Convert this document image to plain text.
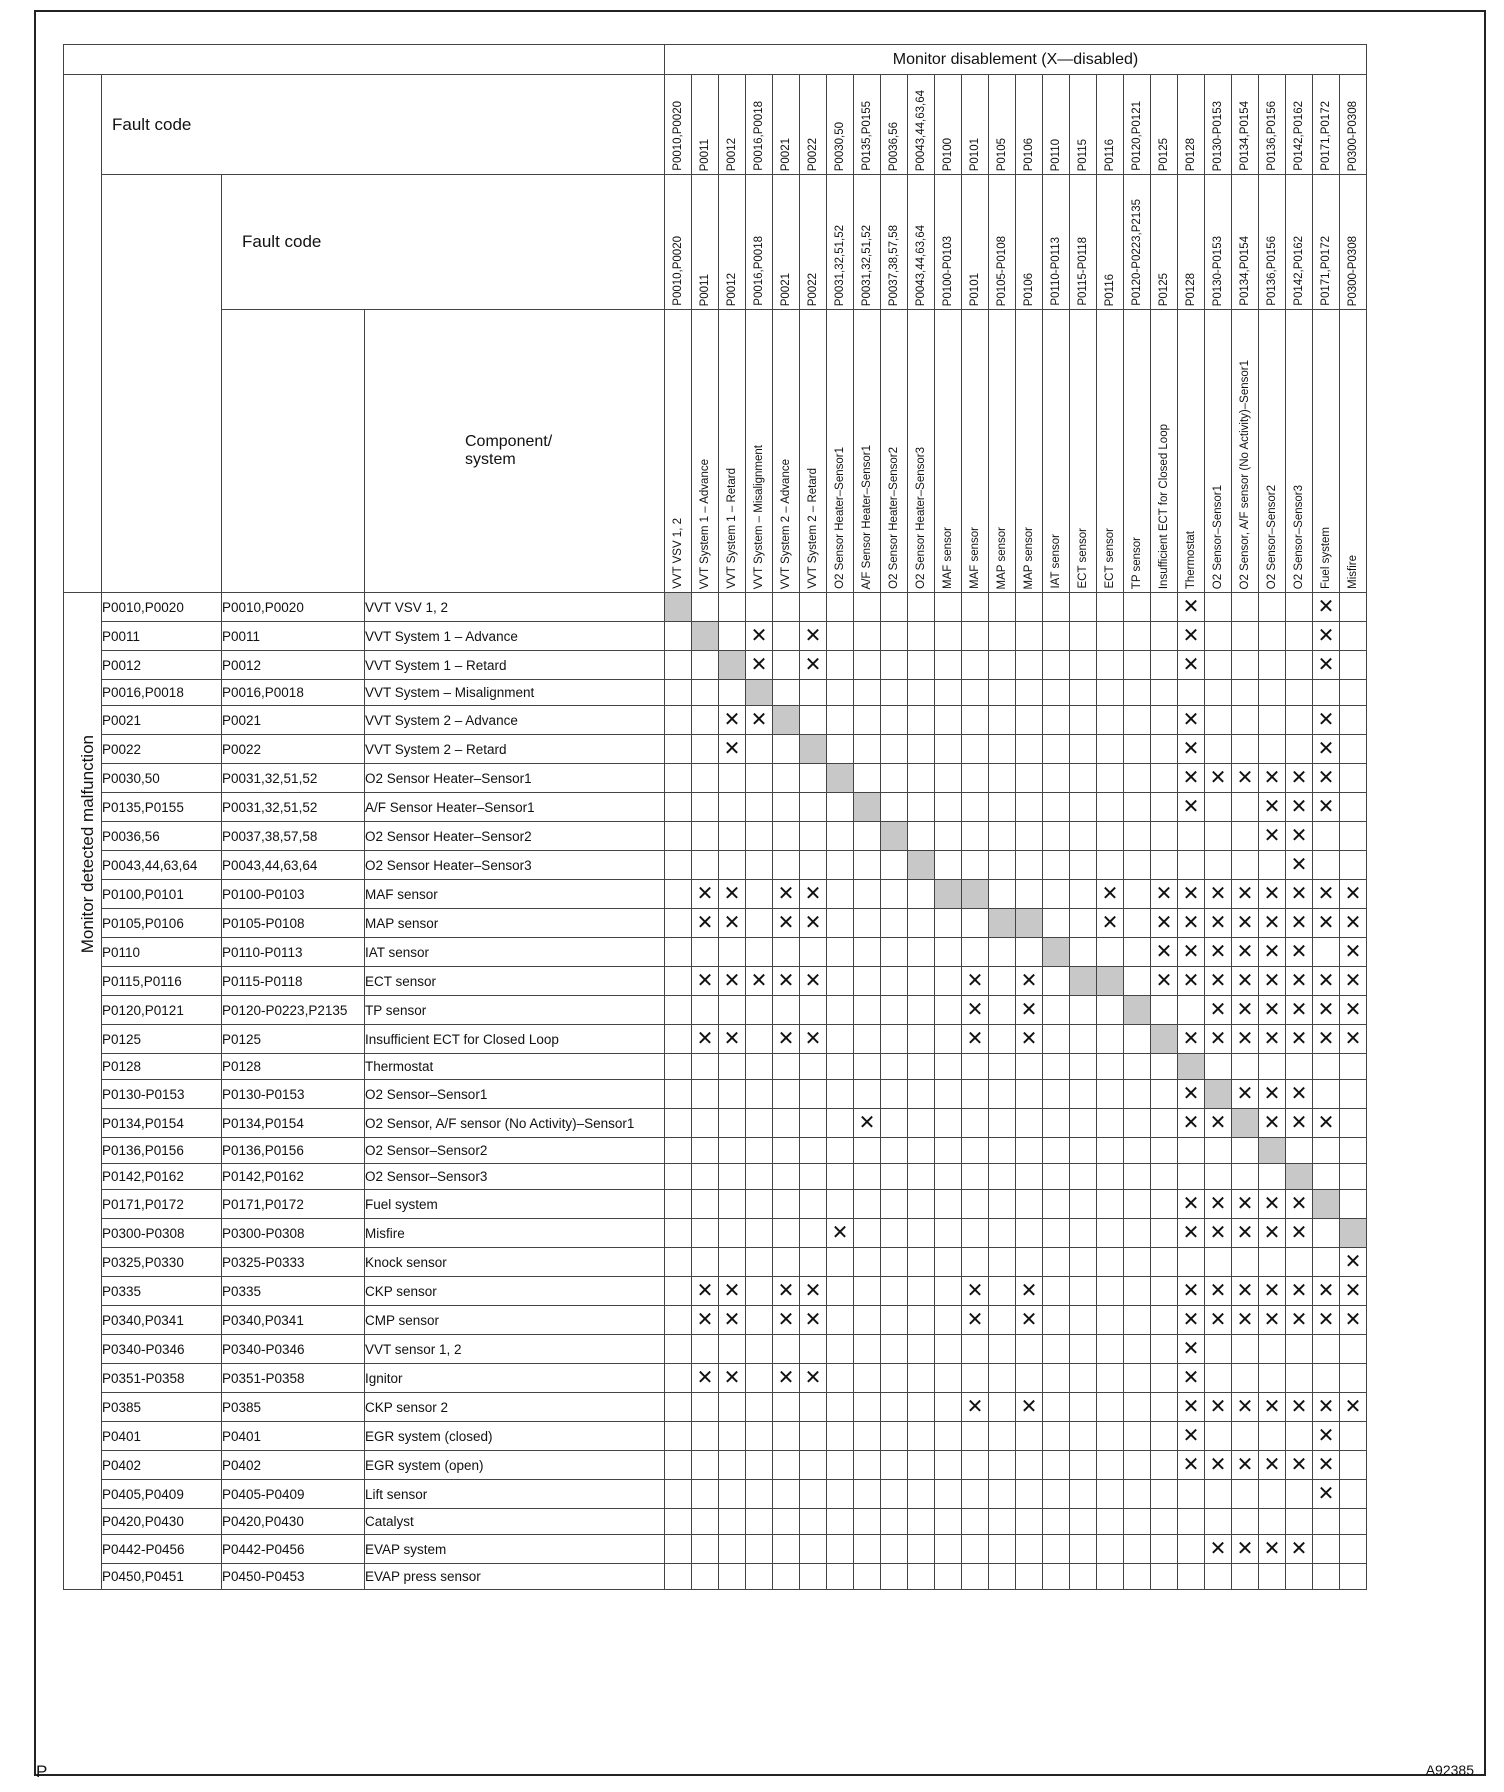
Monitor detected malfunction
				Monitor disablement (X—disabled)																									
	Fault code			P0010,P0020	P0011	P0012	P0016,P0018	P0021	P0022	P0030,50	P0135,P0155	P0036,56	P0043,44,63,64	P0100	P0101	P0105	P0106	P0110	P0115	P0116	P0120,P0121	P0125	P0128	P0130-P0153	P0134,P0154	P0136,P0156	P0142,P0162	P0171,P0172	P0300-P0308
		Fault code		P0010,P0020	P0011	P0012	P0016,P0018	P0021	P0022	P0031,32,51,52	P0031,32,51,52	P0037,38,57,58	P0043,44,63,64	P0100-P0103	P0101	P0105-P0108	P0106	P0110-P0113	P0115-P0118	P0116	P0120-P0223,P2135	P0125	P0128	P0130-P0153	P0134,P0154	P0136,P0156	P0142,P0162	P0171,P0172	P0300-P0308

			Component/
system	VVT VSV 1, 2	VVT System 1 – Advance	VVT System 1 – Retard	VVT System – Misalignment	VVT System 2 – Advance	VVT System 2 – Retard	O2 Sensor Heater–Sensor1	A/F Sensor Heater–Sensor1	O2 Sensor Heater–Sensor2	O2 Sensor Heater–Sensor3	MAF sensor	MAF sensor	MAP sensor	MAP sensor	IAT sensor	ECT sensor	ECT sensor	TP sensor	Insufficient ECT for Closed Loop	Thermostat	O2 Sensor–Sensor1	O2 Sensor, A/F sensor (No Activity)–Sensor1	O2 Sensor–Sensor2	O2 Sensor–Sensor3	Fuel system	Misfire
	P0010,P0020	P0010,P0020	VVT VSV 1, 2																				✕					✕	
	P0011	P0011	VVT System 1 – Advance				✕		✕														✕					✕	
	P0012	P0012	VVT System 1 – Retard				✕		✕														✕					✕	
	P0016,P0018	P0016,P0018	VVT System – Misalignment																										
	P0021	P0021	VVT System 2 – Advance			✕	✕																✕					✕	
	P0022	P0022	VVT System 2 – Retard			✕																	✕					✕	
	P0030,50	P0031,32,51,52	O2 Sensor Heater–Sensor1																				✕	✕	✕	✕	✕	✕	
	P0135,P0155	P0031,32,51,52	A/F Sensor Heater–Sensor1																				✕			✕	✕	✕	
	P0036,56	P0037,38,57,58	O2 Sensor Heater–Sensor2																							✕	✕		
	P0043,44,63,64	P0043,44,63,64	O2 Sensor Heater–Sensor3																								✕		
	P0100,P0101	P0100-P0103	MAF sensor		✕	✕		✕	✕											✕		✕	✕	✕	✕	✕	✕	✕	✕
	P0105,P0106	P0105-P0108	MAP sensor		✕	✕		✕	✕											✕		✕	✕	✕	✕	✕	✕	✕	✕
	P0110	P0110-P0113	IAT sensor																			✕	✕	✕	✕	✕	✕		✕
	P0115,P0116	P0115-P0118	ECT sensor		✕	✕	✕	✕	✕						✕		✕					✕	✕	✕	✕	✕	✕	✕	✕
	P0120,P0121	P0120-P0223,P2135	TP sensor												✕		✕							✕	✕	✕	✕	✕	✕
	P0125	P0125	Insufficient ECT for Closed Loop		✕	✕		✕	✕						✕		✕						✕	✕	✕	✕	✕	✕	✕
	P0128	P0128	Thermostat																										
	P0130-P0153	P0130-P0153	O2 Sensor–Sensor1																				✕		✕	✕	✕		
	P0134,P0154	P0134,P0154	O2 Sensor, A/F sensor (No Activity)–Sensor1								✕												✕	✕		✕	✕	✕	
	P0136,P0156	P0136,P0156	O2 Sensor–Sensor2																										
	P0142,P0162	P0142,P0162	O2 Sensor–Sensor3																										
	P0171,P0172	P0171,P0172	Fuel system																				✕	✕	✕	✕	✕		
	P0300-P0308	P0300-P0308	Misfire							✕													✕	✕	✕	✕	✕		
	P0325,P0330	P0325-P0333	Knock sensor																										✕
	P0335	P0335	CKP sensor		✕	✕		✕	✕						✕		✕						✕	✕	✕	✕	✕	✕	✕
	P0340,P0341	P0340,P0341	CMP sensor		✕	✕		✕	✕						✕		✕						✕	✕	✕	✕	✕	✕	✕
	P0340-P0346	P0340-P0346	VVT sensor 1, 2																				✕						
	P0351-P0358	P0351-P0358	Ignitor		✕	✕		✕	✕														✕						
	P0385	P0385	CKP sensor 2												✕		✕						✕	✕	✕	✕	✕	✕	✕
	P0401	P0401	EGR system (closed)																				✕					✕	
	P0402	P0402	EGR system (open)																				✕	✕	✕	✕	✕	✕	
	P0405,P0409	P0405-P0409	Lift sensor																									✕	
	P0420,P0430	P0420,P0430	Catalyst																										
	P0442-P0456	P0442-P0456	EVAP system																					✕	✕	✕	✕		
	P0450,P0451	P0450-P0453	EVAP press sensor																										
P	A92385
